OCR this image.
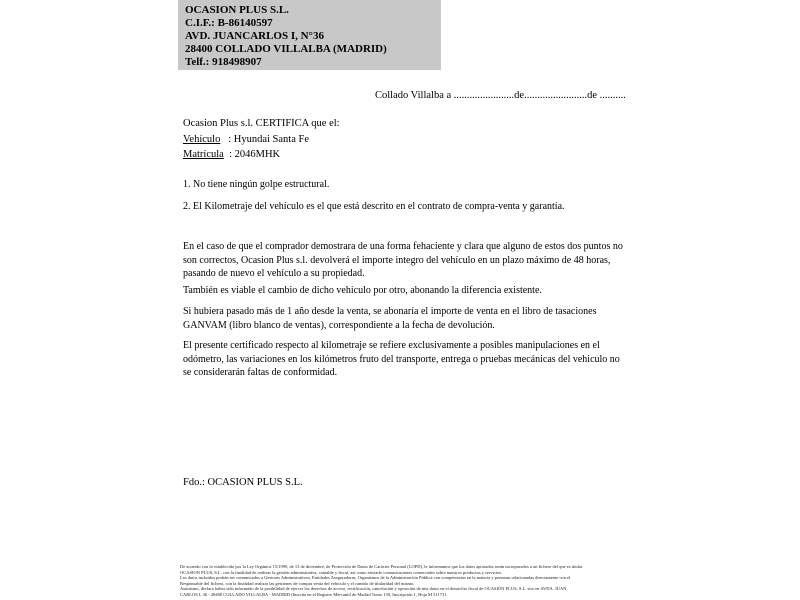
OCASION PLUS S.L.
C.I.F.: B-86140597
AVD. JUANCARLOS I, N°36
28400 COLLADO VILLALBA (MADRID)
Telf.: 918498907
Collado Villalba a .......................de........................de ..........
Ocasion Plus s.l. CERTIFICA que el:
Vehículo   : Hyundai Santa Fe
Matrícula  : 2046MHK
1. No tiene ningún golpe estructural.
2. El Kilometraje del vehículo es el que está descrito en el contrato de compra-venta y garantía.

En el caso de que el comprador demostrara de una forma fehaciente y clara que alguno de estos dos puntos no son correctos, Ocasion Plus s.l. devolverá el importe integro del vehículo en un plazo máximo de 48 horas, pasando de nuevo el vehículo a su propiedad.

También es viable el cambio de dicho vehiculo por otro, abonando la diferencia existente.

Si hubiera pasado más de 1 año desde la venta, se abonaría el importe de venta en el libro de tasaciones GANVAM (libro blanco de ventas), correspondiente a la fecha de devolución.

El presente certificado respecto al kilometraje se refiere exclusivamente a posibles manipulaciones en el odómetro, las variaciones en los kilómetros fruto del transporte, entrega o pruebas mecánicas del vehiculo no se considerarán faltas de conformidad.

Fdo.: OCASION PLUS S.L.
De acuerdo con lo establecido por la Ley Orgánica 15/1999, de 13 de diciembre, de Protección de Datos de Carácter Personal (LOPD), le informamos que los datos aportados serán incorporados a un fichero del que es titular
OCASION PLUS, S.L. con la finalidad de realizar la gestión administrativa, contable y fiscal, así como enviarle comunicaciones comerciales sobre nuestros productos y servicios.
Los datos incluidos podrán ser comunicados a Gestores Administrativos, Entidades Aseguradoras, Organismos de la Administración Pública con competencias en la materia y personas relacionadas directamente con el
Responsable del fichero, con la finalidad realizar las gestiones de compra venta del vehículo y el cambio de titularidad del mismo.
Asimismo, declaro haber sido informado de la posibilidad de ejercer los derechos de acceso, rectificación, cancelación y oposición de mis datos en el domicilio fiscal de OCASIÓN PLUS, S.L. sito en AVDA. JUAN
CARLOS I, 36 - 28400 COLLADO VILLALBA - MADRID (Inscrita en el Registro Mercantil de Madrid Tomo 150, Inscripción 1, Hoja M 511731.
